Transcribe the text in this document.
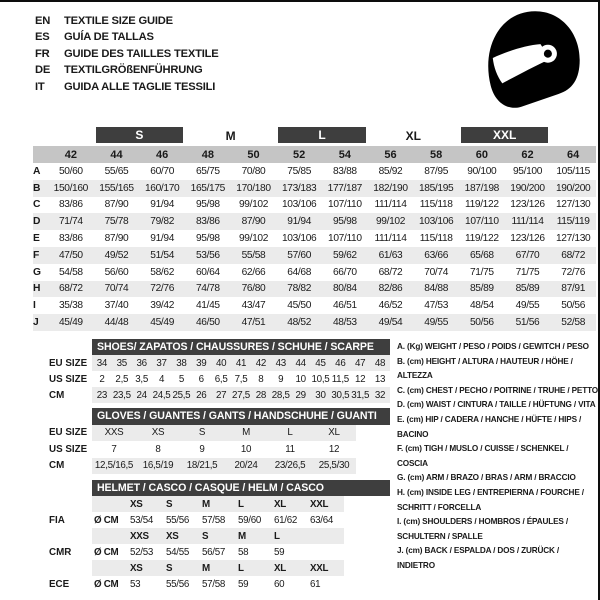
EN	TEXTILE SIZE GUIDE
ES	GUÍA DE TALLAS
FR	GUIDE DES TAILLES TEXTILE
DE	TEXTILGRÖßENFÜHRUNG
IT	GUIDA ALLE TAGLIE TESSILI
S	M	L	XL	XXL
42	44	46	48	50	52	54	56	58	60	62	64
A	50/60	55/65	60/70	65/75	70/80	75/85	83/88	85/92	87/95	90/100	95/100	105/115
B	150/160	155/165	160/170	165/175	170/180	173/183	177/187	182/190	185/195	187/198	190/200	190/200
C	83/86	87/90	91/94	95/98	99/102	103/106	107/110	111/114	115/118	119/122	123/126	127/130
D	71/74	75/78	79/82	83/86	87/90	91/94	95/98	99/102	103/106	107/110	111/114	115/119
E	83/86	87/90	91/94	95/98	99/102	103/106	107/110	111/114	115/118	119/122	123/126	127/130
F	47/50	49/52	51/54	53/56	55/58	57/60	59/62	61/63	63/66	65/68	67/70	68/72
G	54/58	56/60	58/62	60/64	62/66	64/68	66/70	68/72	70/74	71/75	71/75	72/76
H	68/72	70/74	72/76	74/78	76/80	78/82	80/84	82/86	84/88	85/89	85/89	87/91
I	35/38	37/40	39/42	41/45	43/47	45/50	46/51	46/52	47/53	48/54	49/55	50/56
J	45/49	44/48	45/49	46/50	47/51	48/52	48/53	49/54	49/55	50/56	51/56	52/58
SHOES/ ZAPATOS / CHAUSSURES / SCHUHE / SCARPE
EU SIZE 34 35 36 37 38 39 40 41 42 43 44 45 46 47 48
US SIZE	2	2,5 3,5	4	5	6	6,5 7,5	8	9	10 10,5 11,5 12 13
CM	23 23,5 24 24,5 25,5 26 27 27,5 28 28,5 29 30 30,5 31,5 32
GLOVES / GUANTES / GANTS / HANDSCHUHE / GUANTI
EU SIZE	XXS	XS	S	M	L	XL
US SIZE	7	8	9	10	11	12
CM	12,5/16,5 16,5/19	18/21,5	20/24	23/26,5	25,5/30
HELMET / CASCO / CASQUE / HELM / CASCO
XS	S	M	L	XL	XXL
FIA	Ø CM	53/54	55/56	57/58	59/60	61/62	63/64
XXS	XS	S	M	L
CMR	Ø CM	52/53	54/55	56/57	58	59
XS	S	M	L	XL	XXL
ECE	Ø CM	53	55/56	57/58	59	60	61
A. (Kg) WEIGHT / PESO / POIDS / GEWITCH / PESO
B. (cm) HEIGHT / ALTURA / HAUTEUR / HÖHE / ALTEZZA
C. (cm) CHEST / PECHO / POITRINE / TRUHE / PETTO
D. (cm) WAIST / CINTURA / TAILLE / HÜFTUNG / VITA
E. (cm) HIP / CADERA / HANCHE / HÜFTE / HIPS / BACINO
F. (cm) TIGH / MUSLO / CUISSE / SCHENKEL / COSCIA
G. (cm) ARM / BRAZO / BRAS / ARM / BRACCIO
H. (cm) INSIDE LEG / ENTREPIERNA / FOURCHE / SCHRITT / FORCELLA
I. (cm) SHOULDERS / HOMBROS / ÉPAULES / SCHULTERN / SPALLE
J. (cm) BACK / ESPALDA / DOS / ZURÜCK / INDIETRO
